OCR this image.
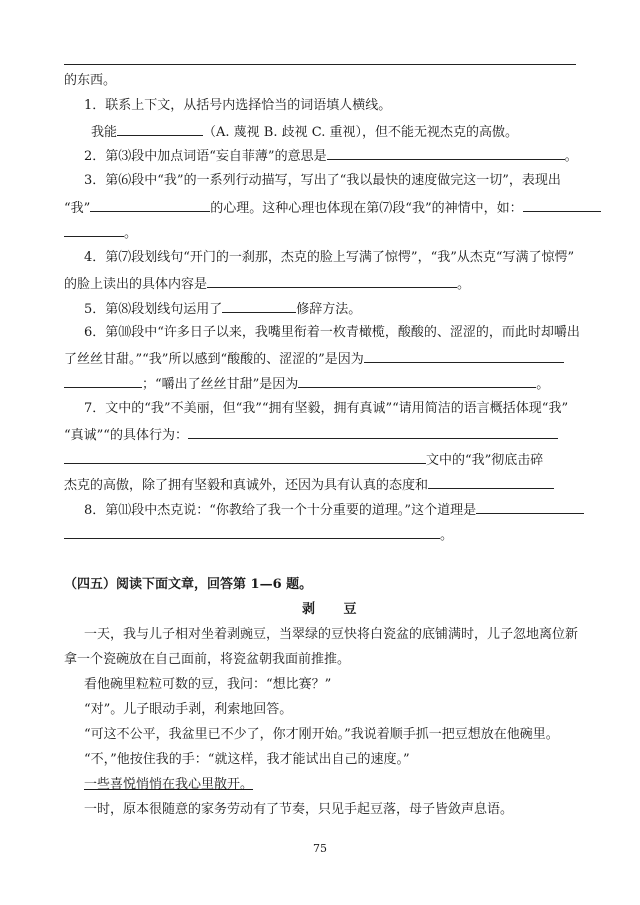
的东西。
1．联系上下文，从括号内选择恰当的词语填人横线。
我能	（A. 蔑视 B. 歧视 C. 重视），但不能无视杰克的高傲。
2．第⑶段中加点词语“妄自菲薄”的意思是	。
3．第⑹段中“我”的一系列行动描写，写出了“我以最快的速度做完这一切”，表现出
“我”	的心理。这种心理也体现在第⑺段“我”的神情中，如：
。
4．第⑺段划线句“开门的一刹那，杰克的脸上写满了惊愕”，“我”从杰克“写满了惊愕”
的脸上读出的具体内容是	。
5．第⑻段划线句运用了	修辞方法。
6．第⑽段中“许多日子以来，我嘴里衔着一枚青橄榄，酸酸的、涩涩的，而此时却嚼出
了丝丝甘甜。”“我”所以感到“酸酸的、涩涩的”是因为
；“嚼出了丝丝甘甜”是因为	。
7．文中的“我”不美丽，但“我”“拥有坚毅，拥有真诚”“请用简洁的语言概括体现“我”
“真诚”“的具体行为：
文中的“我”彻底击碎
杰克的高傲，除了拥有坚毅和真诚外，还因为具有认真的态度和
8．第⑾段中杰克说：“你教给了我一个十分重要的道理。”这个道理是
。
（四五）阅读下面文章，回答第 1—6 题。
剥 豆
一天，我与儿子相对坐着剥豌豆，当翠绿的豆快将白瓷盆的底铺满时，儿子忽地离位新
拿一个瓷碗放在自己面前，将瓷盆朝我面前推推。
看他碗里粒粒可数的豆，我问：“想比赛？”
“对”。儿子眼动手剥，利索地回答。
“可这不公平，我盆里已不少了，你才刚开始。”我说着顺手抓一把豆想放在他碗里。
“不，”他按住我的手：“就这样，我才能试出自己的速度。”
一些喜悦悄悄在我心里散开。
一时，原本很随意的家务劳动有了节奏，只见手起豆落，母子皆敛声息语。
75
